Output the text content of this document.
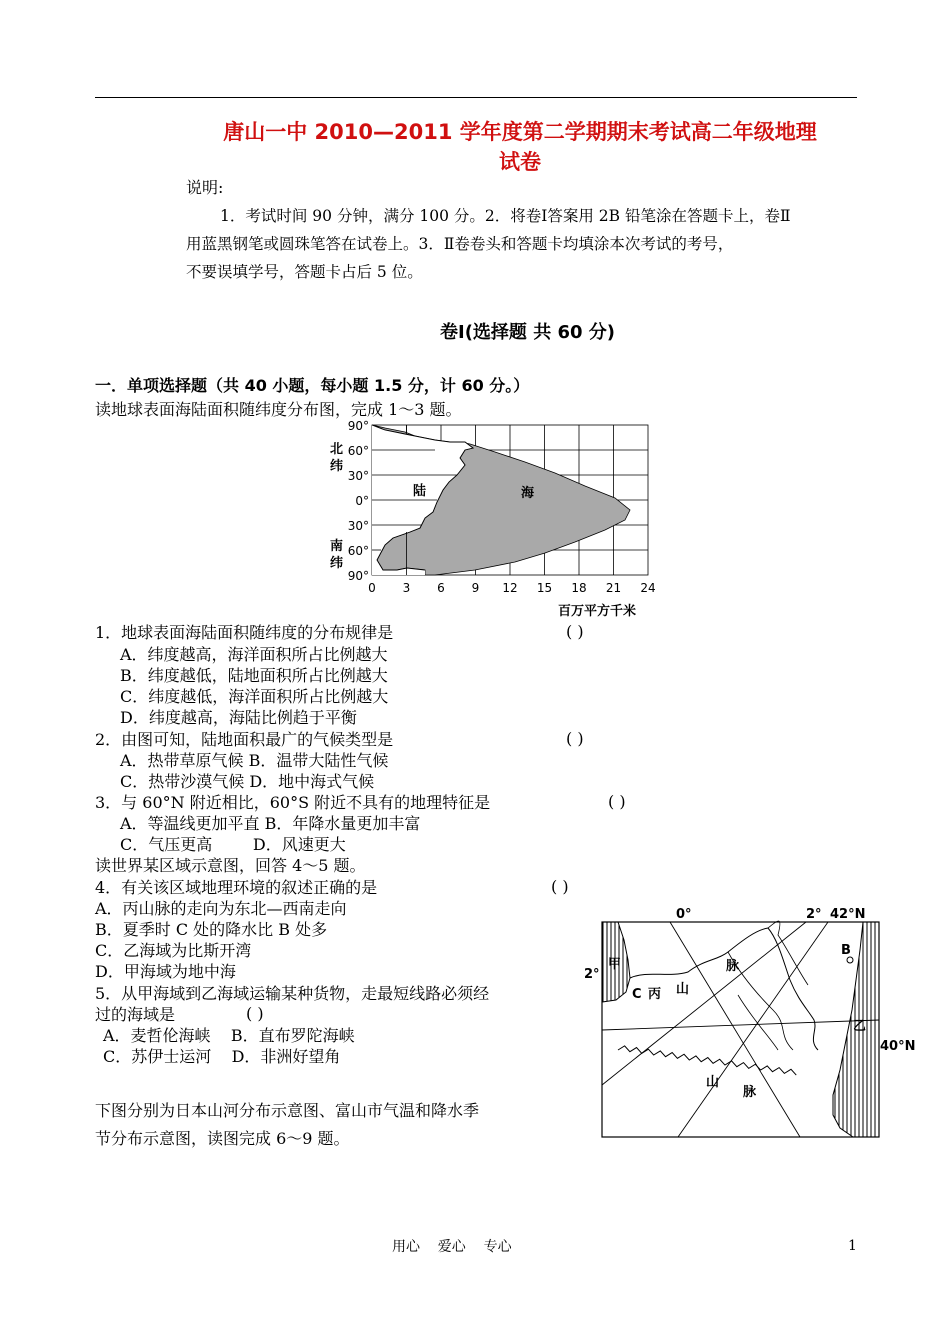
唐山一中 2010—2011 学年度第二学期期末考试高二年级地理
试卷
说明:
1．考试时间 90 分钟，满分 100 分。2．将卷Ⅰ答案用 2B 铅笔涂在答题卡上，卷Ⅱ
用蓝黑钢笔或圆珠笔答在试卷上。3．Ⅱ卷卷头和答题卡均填涂本次考试的考号，
不要误填学号，答题卡占后 5 位。
卷Ⅰ(选择题 共 60 分)
一．单项选择题（共 40 小题，每小题 1.5 分，计 60 分。）
读地球表面海陆面积随纬度分布图，完成 1～3 题。
90°
60°
30°
0°
30°
60°
90°
北
纬
南
纬
0 3 6 9 12 15 18 21 24
百万平方千米
陆	海
1．地球表面海陆面积随纬度的分布规律是	( )
A．纬度越高，海洋面积所占比例越大
B．纬度越低，陆地面积所占比例越大
C．纬度越低，海洋面积所占比例越大
D．纬度越高，海陆比例趋于平衡
2．由图可知，陆地面积最广的气候类型是	( )
A．热带草原气候 B．温带大陆性气候
C．热带沙漠气候 D．地中海式气候
3．与 60°N 附近相比，60°S 附近不具有的地理特征是	( )
A．等温线更加平直 B．年降水量更加丰富
C．气压更高        D．风速更大
读世界某区域示意图，回答 4～5 题。
4．有关该区域地理环境的叙述正确的是	( )
A．丙山脉的走向为东北—西南走向
B．夏季时 C 处的降水比 B 处多
C．乙海域为比斯开湾
D．甲海域为地中海
5．从甲海域到乙海域运输某种货物，走最短线路必须经
过的海域是	( )
A．麦哲伦海峡    B．直布罗陀海峡
C．苏伊士运河    D．非洲好望角
0°	2° 42°N
2°
40°N
甲
乙
B
C 丙 山
脉
山
脉
下图分别为日本山河分布示意图、富山市气温和降水季
节分布示意图，读图完成 6～9 题。
用心    爱心    专心	1
